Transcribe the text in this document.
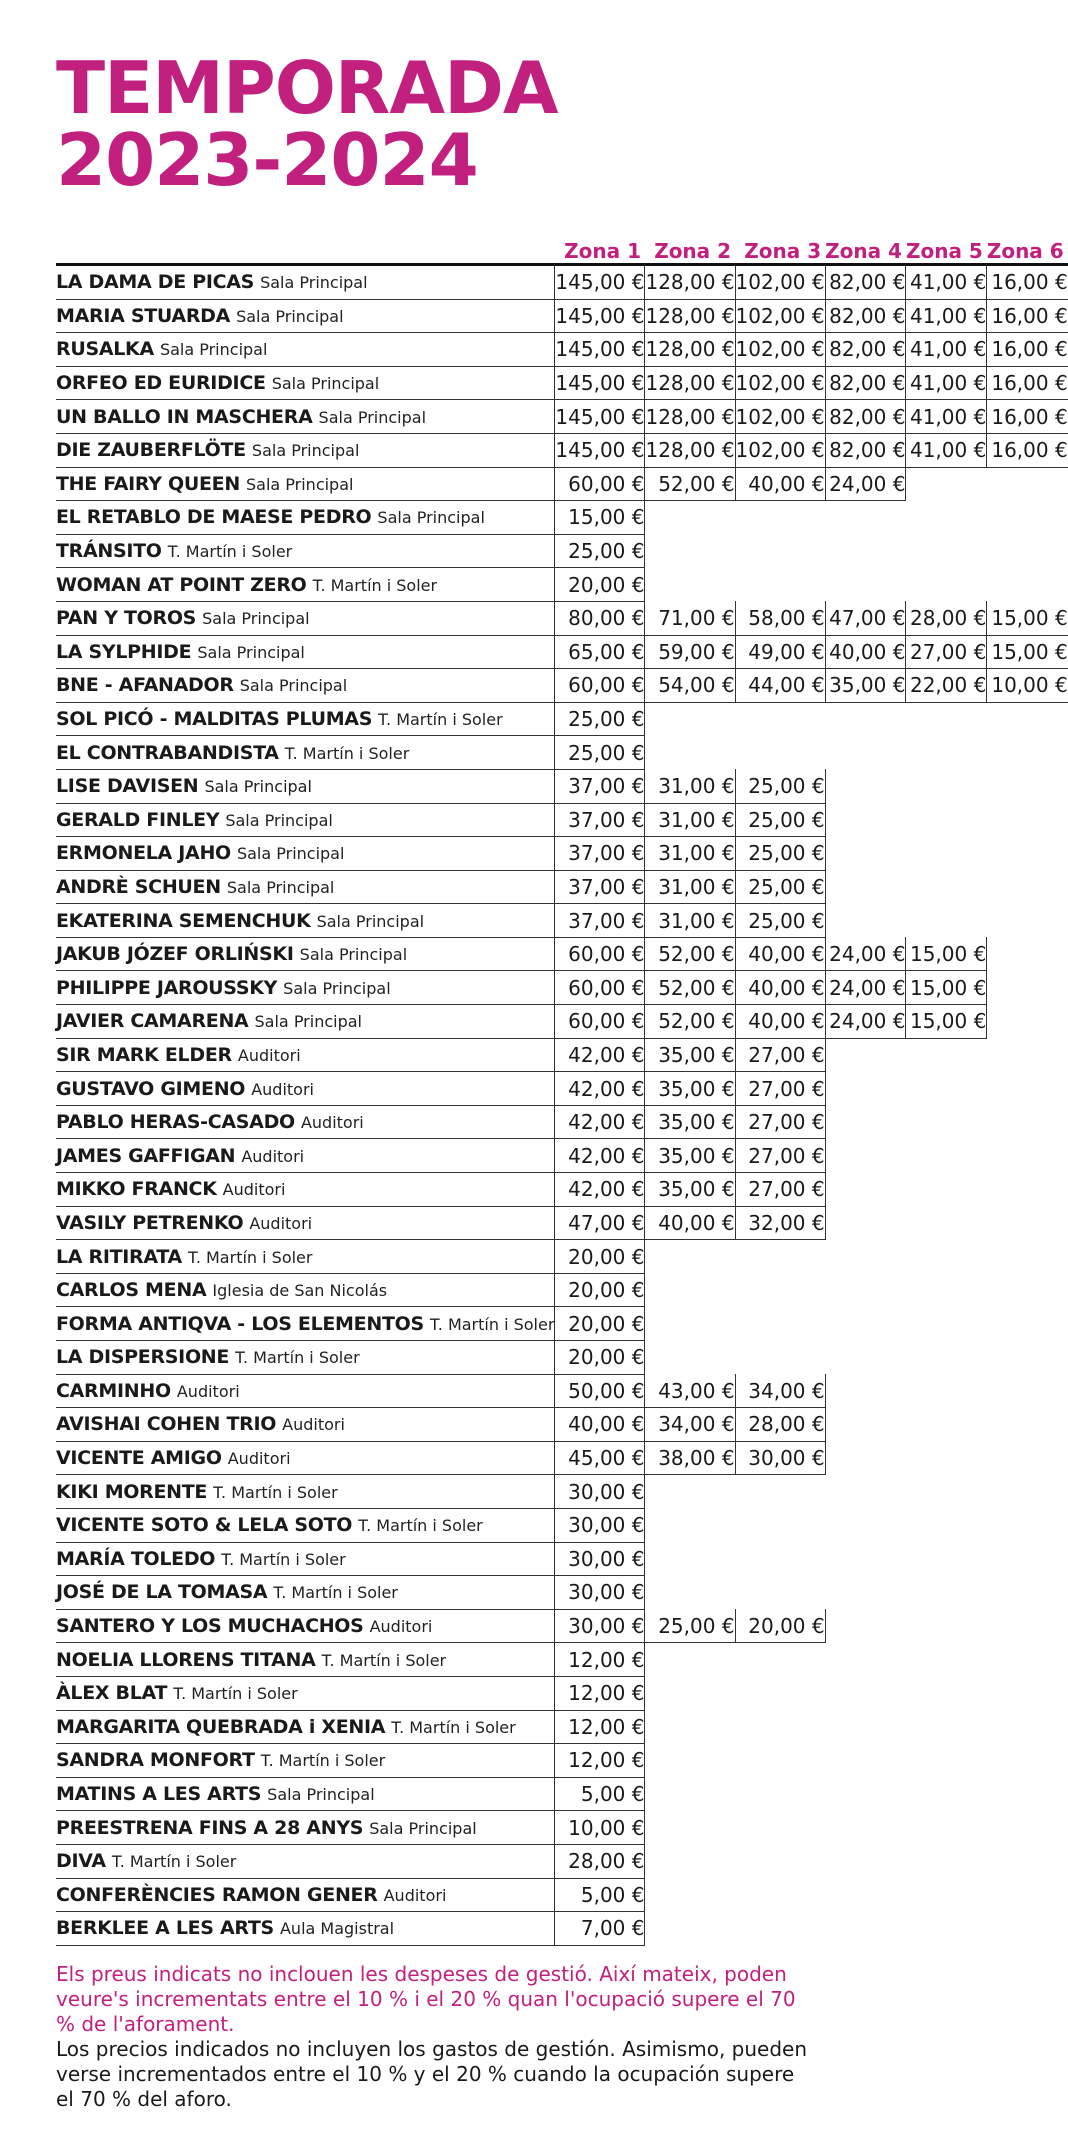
TEMPORADA
2023-2024
	Zona 1	Zona 2	Zona 3	Zona 4	Zona 5	Zona 6
LA DAMA DE PICAS Sala Principal	145,00 €	128,00 €	102,00 €	82,00 €	41,00 €	16,00 €
MARIA STUARDA Sala Principal	145,00 €	128,00 €	102,00 €	82,00 €	41,00 €	16,00 €
RUSALKA Sala Principal	145,00 €	128,00 €	102,00 €	82,00 €	41,00 €	16,00 €
ORFEO ED EURIDICE Sala Principal	145,00 €	128,00 €	102,00 €	82,00 €	41,00 €	16,00 €
UN BALLO IN MASCHERA Sala Principal	145,00 €	128,00 €	102,00 €	82,00 €	41,00 €	16,00 €
DIE ZAUBERFLÖTE Sala Principal	145,00 €	128,00 €	102,00 €	82,00 €	41,00 €	16,00 €
THE FAIRY QUEEN Sala Principal	60,00 €	52,00 €	40,00 €	24,00 €		
EL RETABLO DE MAESE PEDRO Sala Principal	15,00 €					
TRÁNSITO T. Martín i Soler	25,00 €					
WOMAN AT POINT ZERO T. Martín i Soler	20,00 €					
PAN Y TOROS Sala Principal	80,00 €	71,00 €	58,00 €	47,00 €	28,00 €	15,00 €
LA SYLPHIDE Sala Principal	65,00 €	59,00 €	49,00 €	40,00 €	27,00 €	15,00 €
BNE - AFANADOR Sala Principal	60,00 €	54,00 €	44,00 €	35,00 €	22,00 €	10,00 €
SOL PICÓ - MALDITAS PLUMAS T. Martín i Soler	25,00 €					
EL CONTRABANDISTA T. Martín i Soler	25,00 €					
LISE DAVISEN Sala Principal	37,00 €	31,00 €	25,00 €			
GERALD FINLEY Sala Principal	37,00 €	31,00 €	25,00 €			
ERMONELA JAHO Sala Principal	37,00 €	31,00 €	25,00 €			
ANDRÈ SCHUEN Sala Principal	37,00 €	31,00 €	25,00 €			
EKATERINA SEMENCHUK Sala Principal	37,00 €	31,00 €	25,00 €			
JAKUB JÓZEF ORLIŃSKI Sala Principal	60,00 €	52,00 €	40,00 €	24,00 €	15,00 €	
PHILIPPE JAROUSSKY Sala Principal	60,00 €	52,00 €	40,00 €	24,00 €	15,00 €	
JAVIER CAMARENA Sala Principal	60,00 €	52,00 €	40,00 €	24,00 €	15,00 €	
SIR MARK ELDER Auditori	42,00 €	35,00 €	27,00 €			
GUSTAVO GIMENO Auditori	42,00 €	35,00 €	27,00 €			
PABLO HERAS-CASADO Auditori	42,00 €	35,00 €	27,00 €			
JAMES GAFFIGAN Auditori	42,00 €	35,00 €	27,00 €			
MIKKO FRANCK Auditori	42,00 €	35,00 €	27,00 €			
VASILY PETRENKO Auditori	47,00 €	40,00 €	32,00 €			
LA RITIRATA T. Martín i Soler	20,00 €					
CARLOS MENA Iglesia de San Nicolás	20,00 €					
FORMA ANTIQVA - LOS ELEMENTOS T. Martín i Soler	20,00 €					
LA DISPERSIONE T. Martín i Soler	20,00 €					
CARMINHO Auditori	50,00 €	43,00 €	34,00 €			
AVISHAI COHEN TRIO Auditori	40,00 €	34,00 €	28,00 €			
VICENTE AMIGO Auditori	45,00 €	38,00 €	30,00 €			
KIKI MORENTE T. Martín i Soler	30,00 €					
VICENTE SOTO & LELA SOTO T. Martín i Soler	30,00 €					
MARÍA TOLEDO T. Martín i Soler	30,00 €					
JOSÉ DE LA TOMASA T. Martín i Soler	30,00 €					
SANTERO Y LOS MUCHACHOS Auditori	30,00 €	25,00 €	20,00 €			
NOELIA LLORENS TITANA T. Martín i Soler	12,00 €					
ÀLEX BLAT T. Martín i Soler	12,00 €					
MARGARITA QUEBRADA i XENIA T. Martín i Soler	12,00 €					
SANDRA MONFORT T. Martín i Soler	12,00 €					
MATINS A LES ARTS Sala Principal	5,00 €					
PREESTRENA FINS A 28 ANYS Sala Principal	10,00 €					
DIVA T. Martín i Soler	28,00 €					
CONFERÈNCIES RAMON GENER Auditori	5,00 €					
BERKLEE A LES ARTS Aula Magistral	7,00 €					

Els preus indicats no inclouen les despeses de gestió. Així mateix, poden veure's incrementats entre el 10 % i el 20 % quan l'ocupació supere el 70 % de l'aforament.

Los precios indicados no incluyen los gastos de gestión. Asimismo, pueden verse incrementados entre el 10 % y el 20 % cuando la ocupación supere el 70 % del aforo.
